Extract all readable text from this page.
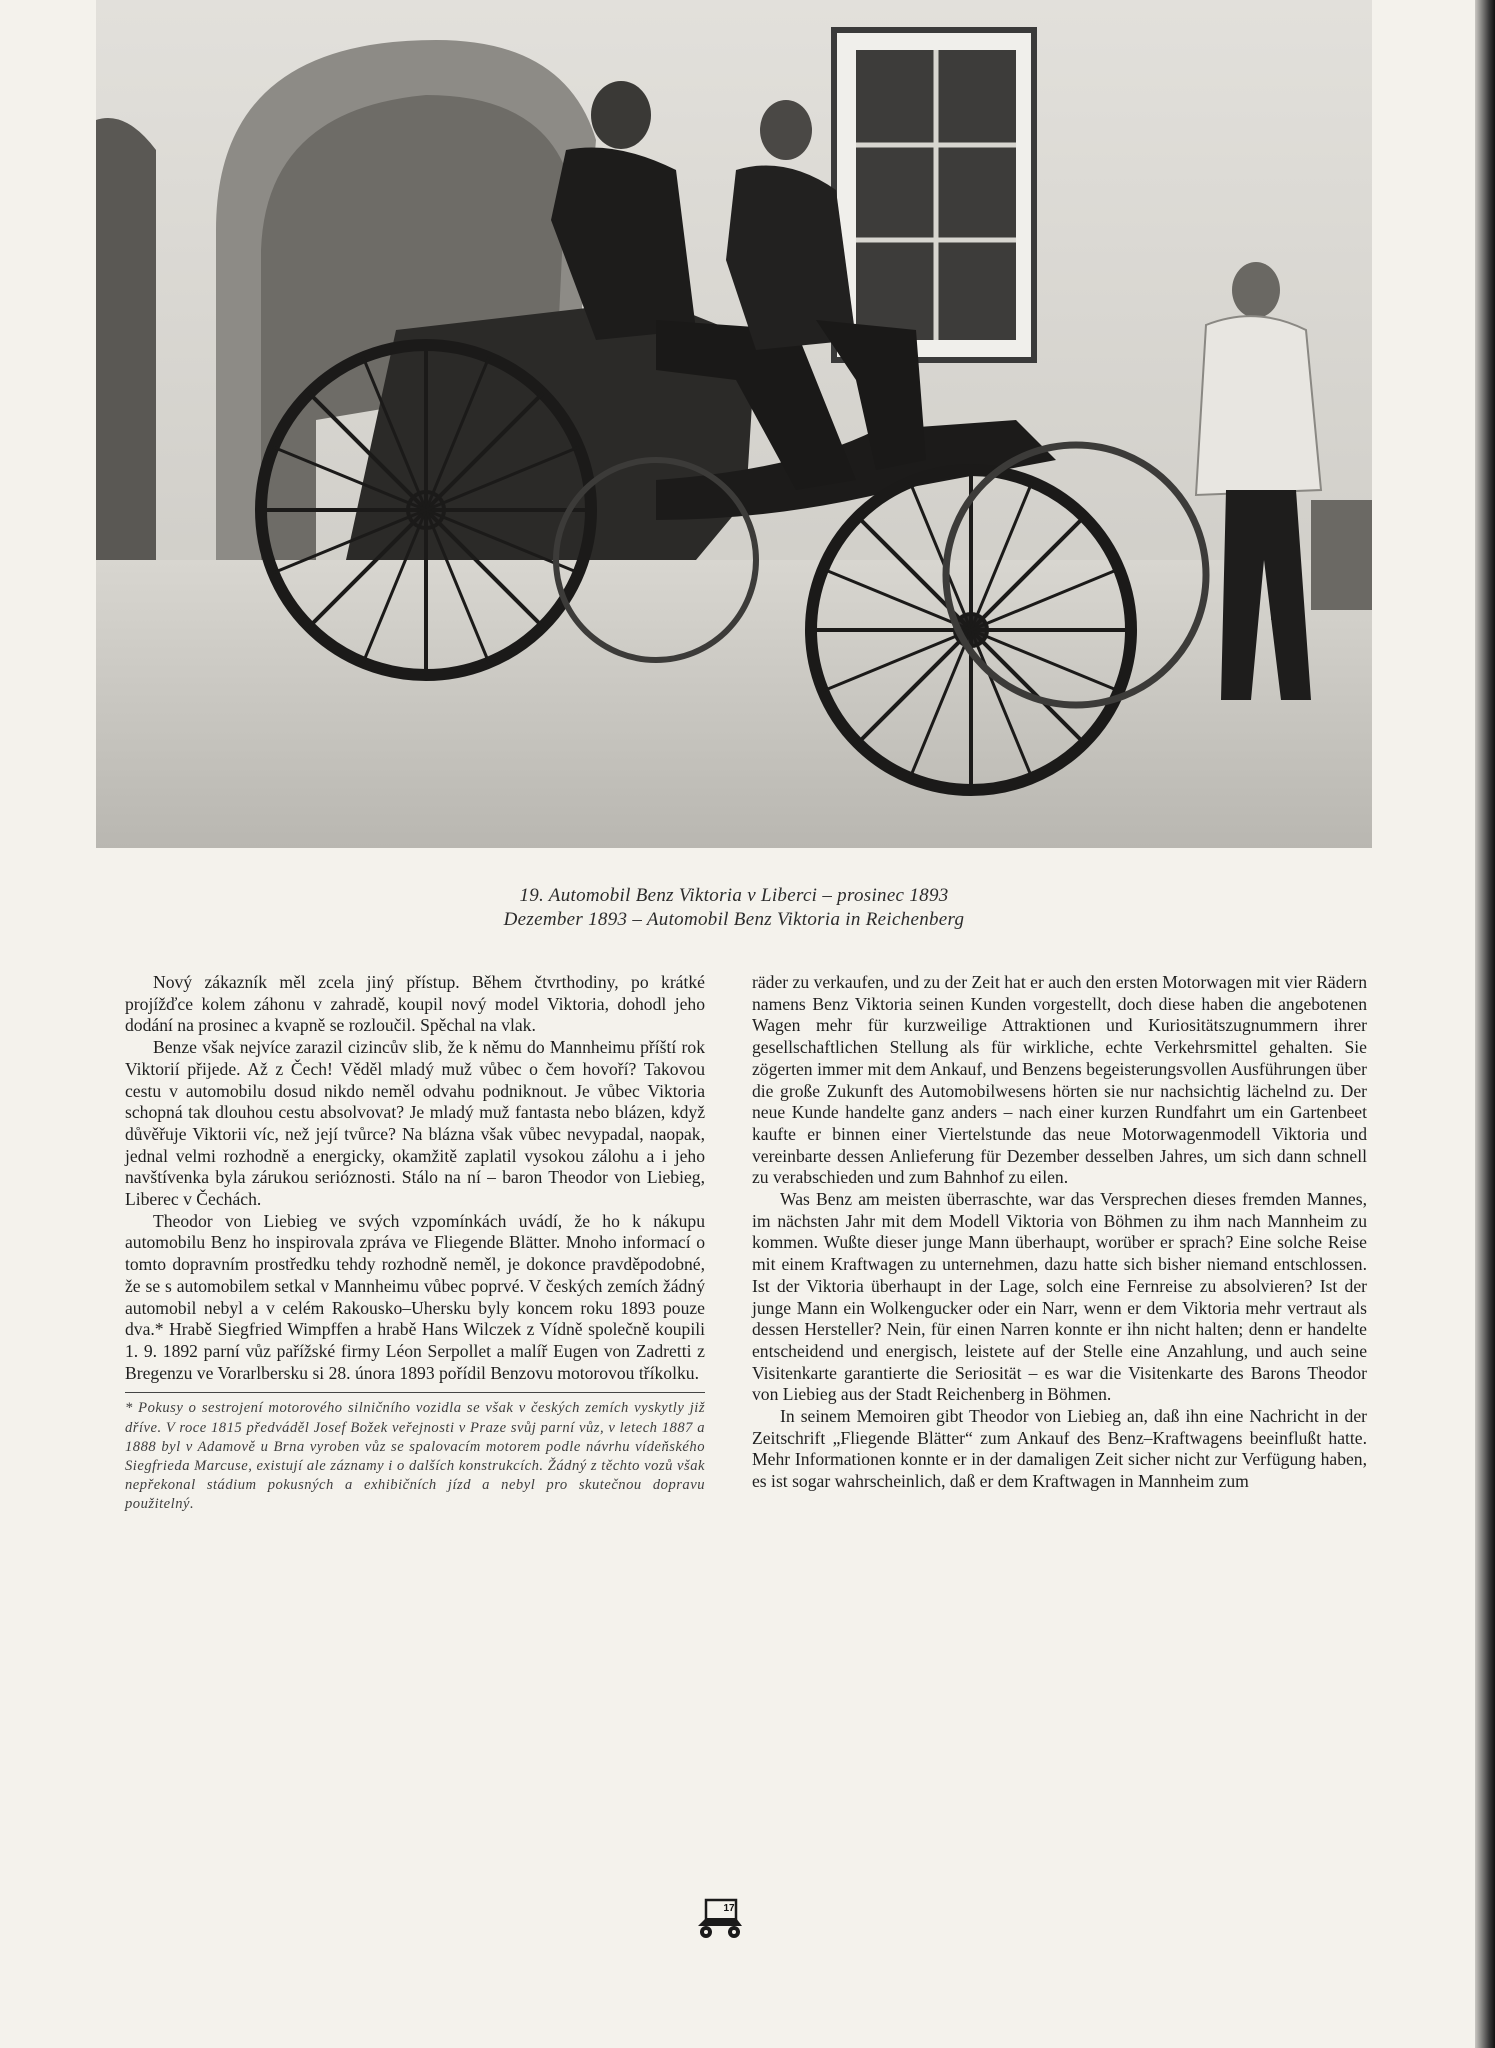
19. Automobil Benz Viktoria v Liberci – prosinec 1893
Dezember 1893 – Automobil Benz Viktoria in Reichenberg

Nový zákazník měl zcela jiný přístup. Během čtvrthodiny, po krátké projížďce kolem záhonu v zahradě, koupil nový model Viktoria, dohodl jeho dodání na prosinec a kvapně se rozloučil. Spěchal na vlak.

Benze však nejvíce zarazil cizincův slib, že k němu do Mannheimu příští rok Viktorií přijede. Až z Čech! Věděl mladý muž vůbec o čem hovoří? Takovou cestu v automobilu dosud nikdo neměl odvahu podniknout. Je vůbec Viktoria schopná tak dlouhou cestu absolvovat? Je mladý muž fantasta nebo blázen, když důvěřuje Viktorii víc, než její tvůrce? Na blázna však vůbec nevypadal, naopak, jednal velmi rozhodně a energicky, okamžitě zaplatil vysokou zálohu a i jeho navštívenka byla zárukou serióznosti. Stálo na ní – baron Theodor von Liebieg, Liberec v Čechách.

Theodor von Liebieg ve svých vzpomínkách uvádí, že ho k nákupu automobilu Benz ho inspirovala zpráva ve Fliegende Blätter. Mnoho informací o tomto dopravním prostředku tehdy rozhodně neměl, je dokonce pravděpodobné, že se s automobilem setkal v Mannheimu vůbec poprvé. V českých zemích žádný automobil nebyl a v celém Rakousko–Uhersku byly koncem roku 1893 pouze dva.* Hrabě Siegfried Wimpffen a hrabě Hans Wilczek z Vídně společně koupili 1. 9. 1892 parní vůz pařížské firmy Léon Serpollet a malíř Eugen von Zadretti z Bregenzu ve Vorarlbersku si 28. února 1893 pořídil Benzovu motorovou tříkolku.

* Pokusy o sestrojení motorového silničního vozidla se však v českých zemích vyskytly již dříve. V roce 1815 předváděl Josef Božek veřejnosti v Praze svůj parní vůz, v letech 1887 a 1888 byl v Adamově u Brna vyroben vůz se spalovacím motorem podle návrhu vídeňského Siegfrieda Marcuse, existují ale záznamy i o dalších konstrukcích. Žádný z těchto vozů však nepřekonal stádium pokusných a exhibičních jízd a nebyl pro skutečnou dopravu použitelný.

räder zu verkaufen, und zu der Zeit hat er auch den ersten Motorwagen mit vier Rädern namens Benz Viktoria seinen Kunden vorgestellt, doch diese haben die angebotenen Wagen mehr für kurzweilige Attraktionen und Kuriositätszugnummern ihrer gesellschaftlichen Stellung als für wirkliche, echte Verkehrsmittel gehalten. Sie zögerten immer mit dem Ankauf, und Benzens begeisterungsvollen Ausführungen über die große Zukunft des Automobilwesens hörten sie nur nachsichtig lächelnd zu. Der neue Kunde handelte ganz anders – nach einer kurzen Rundfahrt um ein Gartenbeet kaufte er binnen einer Viertelstunde das neue Motorwagenmodell Viktoria und vereinbarte dessen Anlieferung für Dezember desselben Jahres, um sich dann schnell zu verabschieden und zum Bahnhof zu eilen.

Was Benz am meisten überraschte, war das Versprechen dieses fremden Mannes, im nächsten Jahr mit dem Modell Viktoria von Böhmen zu ihm nach Mannheim zu kommen. Wußte dieser junge Mann überhaupt, worüber er sprach? Eine solche Reise mit einem Kraftwagen zu unternehmen, dazu hatte sich bisher niemand entschlossen. Ist der Viktoria überhaupt in der Lage, solch eine Fernreise zu absolvieren? Ist der junge Mann ein Wolkengucker oder ein Narr, wenn er dem Viktoria mehr vertraut als dessen Hersteller? Nein, für einen Narren konnte er ihn nicht halten; denn er handelte entscheidend und energisch, leistete auf der Stelle eine Anzahlung, und auch seine Visitenkarte garantierte die Seriosität – es war die Visitenkarte des Barons Theodor von Liebieg aus der Stadt Reichenberg in Böhmen.

In seinem Memoiren gibt Theodor von Liebieg an, daß ihn eine Nachricht in der Zeitschrift „Fliegende Blätter“ zum Ankauf des Benz–Kraftwagens beeinflußt hatte. Mehr Informationen konnte er in der damaligen Zeit sicher nicht zur Verfügung haben, es ist sogar wahrscheinlich, daß er dem Kraftwagen in Mannheim zum

17
